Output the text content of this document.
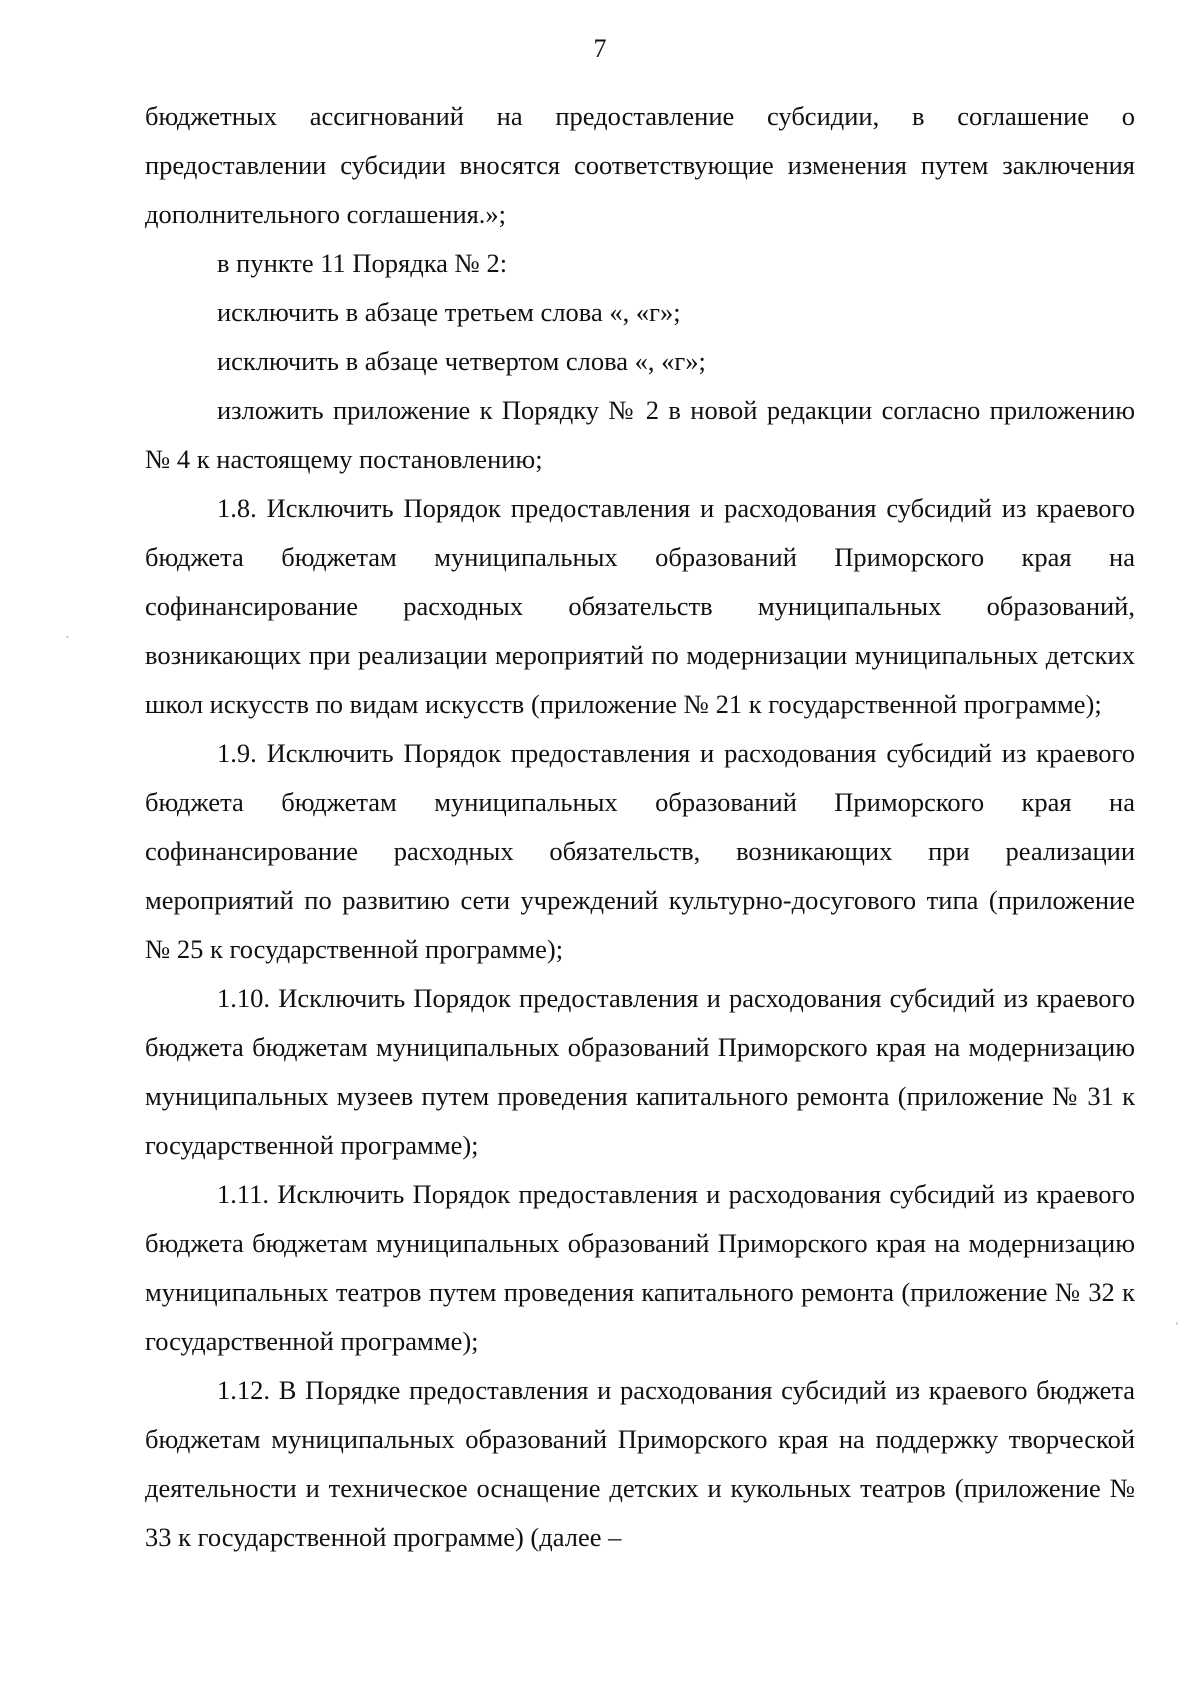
7

бюджетных ассигнований на предоставление субсидии, в соглашение о предоставлении субсидии вносятся соответствующие изменения путем заключения дополнительного соглашения.»;

в пункте 11 Порядка № 2:

исключить в абзаце третьем слова «, «г»;

исключить в абзаце четвертом слова «, «г»;

изложить приложение к Порядку № 2 в новой редакции согласно приложению № 4 к настоящему постановлению;

1.8. Исключить Порядок предоставления и расходования субсидий из краевого бюджета бюджетам муниципальных образований Приморского края на софинансирование расходных обязательств муниципальных образований, возникающих при реализации мероприятий по модернизации муниципальных детских школ искусств по видам искусств (приложение № 21 к государственной программе);

1.9. Исключить Порядок предоставления и расходования субсидий из краевого бюджета бюджетам муниципальных образований Приморского края на софинансирование расходных обязательств, возникающих при реализации мероприятий по развитию сети учреждений культурно-досугового типа (приложение № 25 к государственной программе);

1.10. Исключить Порядок предоставления и расходования субсидий из краевого бюджета бюджетам муниципальных образований Приморского края на модернизацию муниципальных музеев путем проведения капитального ремонта (приложение № 31 к государственной программе);

1.11. Исключить Порядок предоставления и расходования субсидий из краевого бюджета бюджетам муниципальных образований Приморского края на модернизацию муниципальных театров путем проведения капитального ремонта (приложение № 32 к государственной программе);

1.12. В Порядке предоставления и расходования субсидий из краевого бюджета бюджетам муниципальных образований Приморского края на поддержку творческой деятельности и техническое оснащение детских и кукольных театров (приложение № 33 к государственной программе) (далее –
